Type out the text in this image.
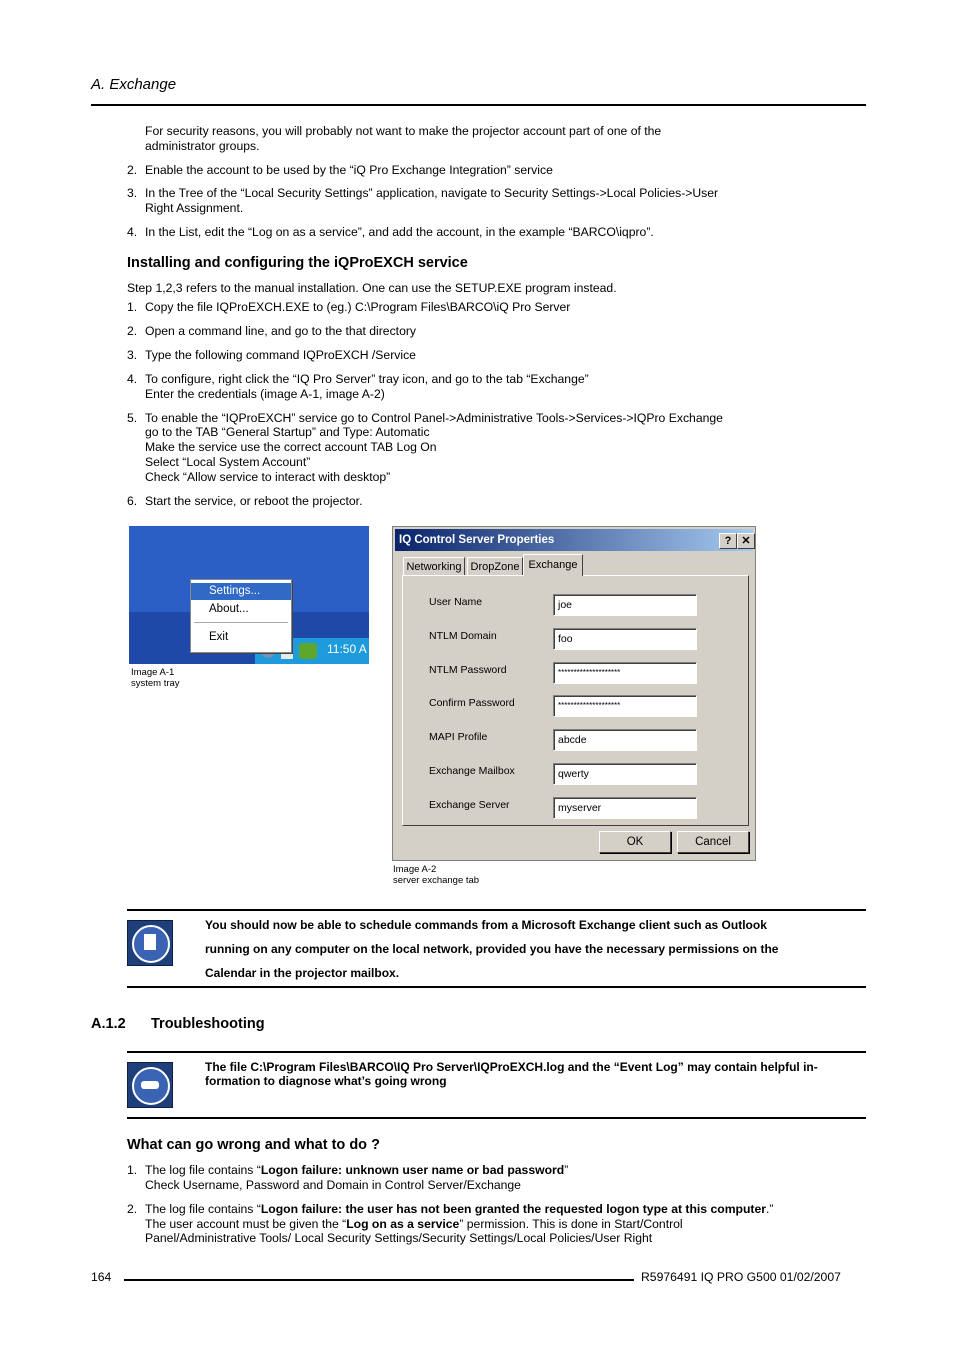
A. Exchange
For security reasons, you will probably not want to make the projector account part of one of the
administrator groups.
2. Enable the account to be used by the “iQ Pro Exchange Integration” service
3. In the Tree of the “Local Security Settings” application, navigate to Security Settings->Local Policies->User
Right Assignment.
4. In the List, edit the “Log on as a service”, and add the account, in the example “BARCO\iqpro”.
Installing and configuring the iQProEXCH service
Step 1,2,3 refers to the manual installation. One can use the SETUP.EXE program instead.
1. Copy the file IQProEXCH.EXE to (eg.) C:\Program Files\BARCO\iQ Pro Server
2. Open a command line, and go to the that directory
3. Type the following command IQProEXCH /Service
4. To configure, right click the “IQ Pro Server” tray icon, and go to the tab “Exchange”
Enter the credentials (image A-1, image A-2)
5. To enable the “IQProEXCH” service go to Control Panel->Administrative Tools->Services->IQPro Exchange
go to the TAB “General Startup” and Type: Automatic
Make the service use the correct account TAB Log On
Select “Local System Account”
Check “Allow service to interact with desktop”
6. Start the service, or reboot the projector.
11:50 A
Settings...
About...
Exit
Image A-1
system tray
IQ Control Server Properties	? ✕
Networking DropZone Exchange
User Name	joe
NTLM Domain	foo
NTLM Password	********************
Confirm Password	********************
MAPI Profile	abcde
Exchange Mailbox	qwerty
Exchange Server	myserver
OK	Cancel
Image A-2
server exchange tab
You should now be able to schedule commands from a Microsoft Exchange client such as Outlook
running on any computer on the local network, provided you have the necessary permissions on the
Calendar in the projector mailbox.
A.1.2 Troubleshooting
The file C:\Program Files\BARCO\IQ Pro Server\IQProEXCH.log and the “Event Log” may contain helpful in-
formation to diagnose what’s going wrong
What can go wrong and what to do ?
1. The log file contains “Logon failure: unknown user name or bad password”
Check Username, Password and Domain in Control Server/Exchange
2. The log file contains “Logon failure: the user has not been granted the requested logon type at this computer.”
The user account must be given the “Log on as a service” permission. This is done in Start/Control
Panel/Administrative Tools/ Local Security Settings/Security Settings/Local Policies/User Right
164	R5976491 IQ PRO G500 01/02/2007
